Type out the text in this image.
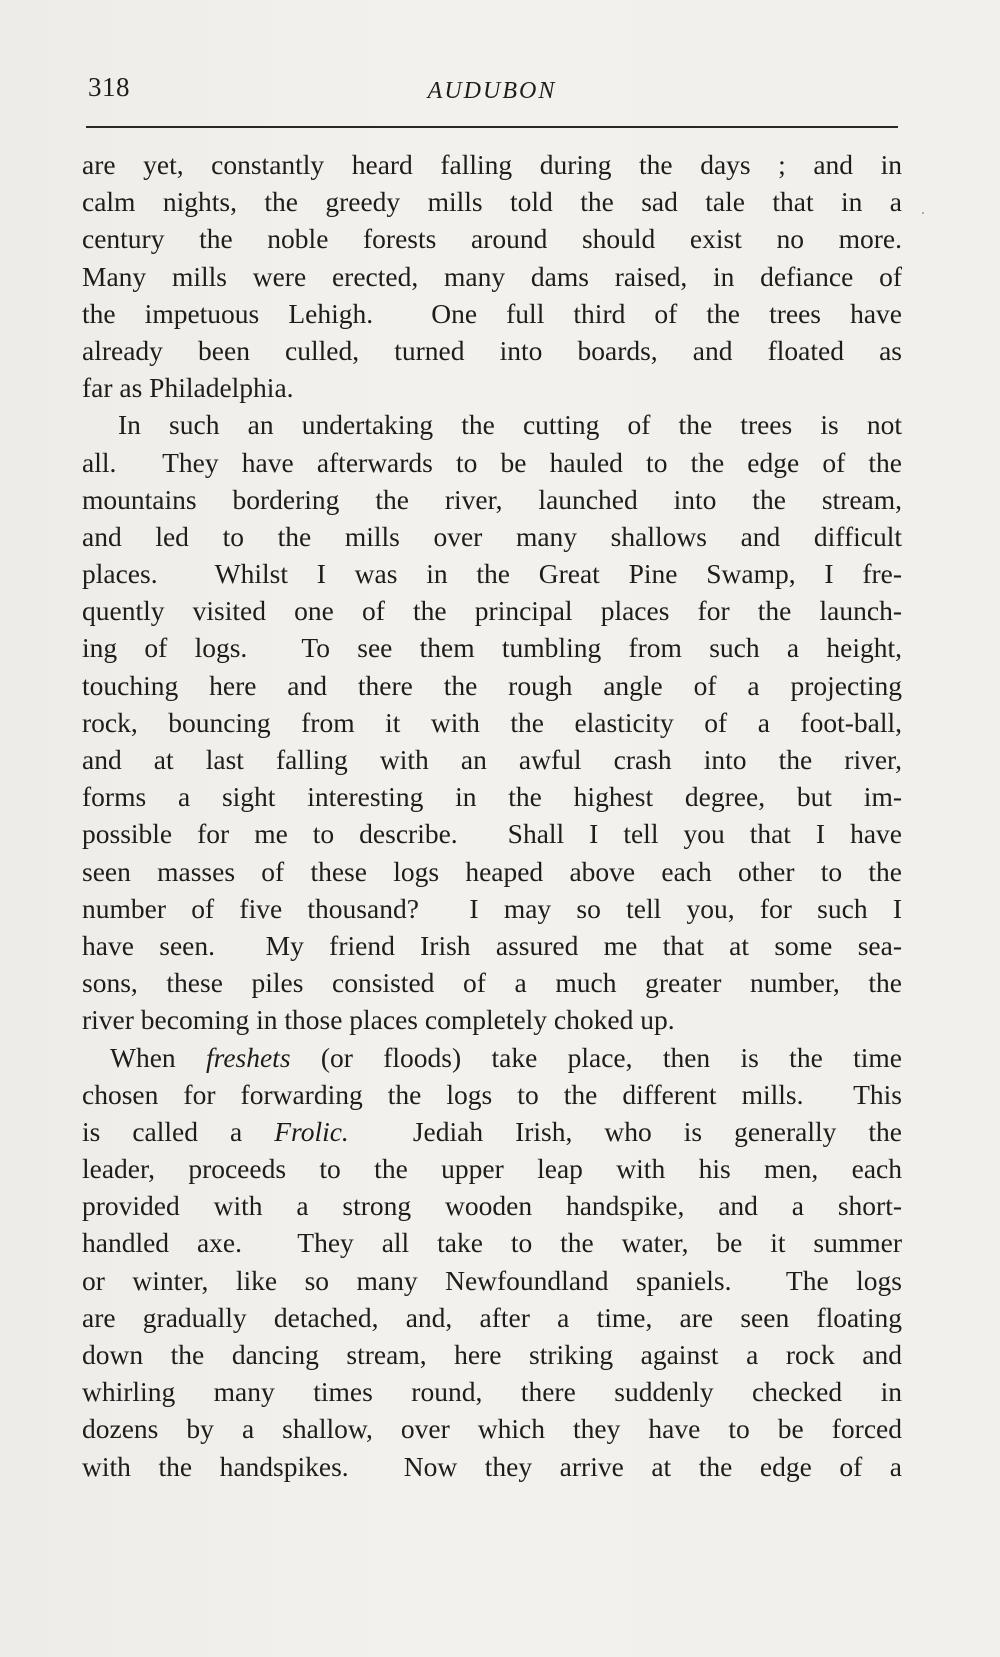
318	AUDUBON
are yet, constantly heard falling during the days ; and in
calm nights, the greedy mills told the sad tale that in a
century the noble forests around should exist no more.
Many mills were erected, many dams raised, in defiance of
the impetuous Lehigh.  One full third of the trees have
already been culled, turned into boards, and floated as
far as Philadelphia.
In such an undertaking the cutting of the trees is not
all.  They have afterwards to be hauled to the edge of the
mountains bordering the river, launched into the stream,
and led to the mills over many shallows and difficult
places.  Whilst I was in the Great Pine Swamp, I fre-
quently visited one of the principal places for the launch-
ing of logs.  To see them tumbling from such a height,
touching here and there the rough angle of a projecting
rock, bouncing from it with the elasticity of a foot-ball,
and at last falling with an awful crash into the river,
forms a sight interesting in the highest degree, but im-
possible for me to describe.  Shall I tell you that I have
seen masses of these logs heaped above each other to the
number of five thousand?  I may so tell you, for such I
have seen.  My friend Irish assured me that at some sea-
sons, these piles consisted of a much greater number, the
river becoming in those places completely choked up.
When freshets (or floods) take place, then is the time
chosen for forwarding the logs to the different mills.  This
is called a Frolic.  Jediah Irish, who is generally the
leader, proceeds to the upper leap with his men, each
provided with a strong wooden handspike, and a short-
handled axe.  They all take to the water, be it summer
or winter, like so many Newfoundland spaniels.  The logs
are gradually detached, and, after a time, are seen floating
down the dancing stream, here striking against a rock and
whirling many times round, there suddenly checked in
dozens by a shallow, over which they have to be forced
with the handspikes.  Now they arrive at the edge of a
